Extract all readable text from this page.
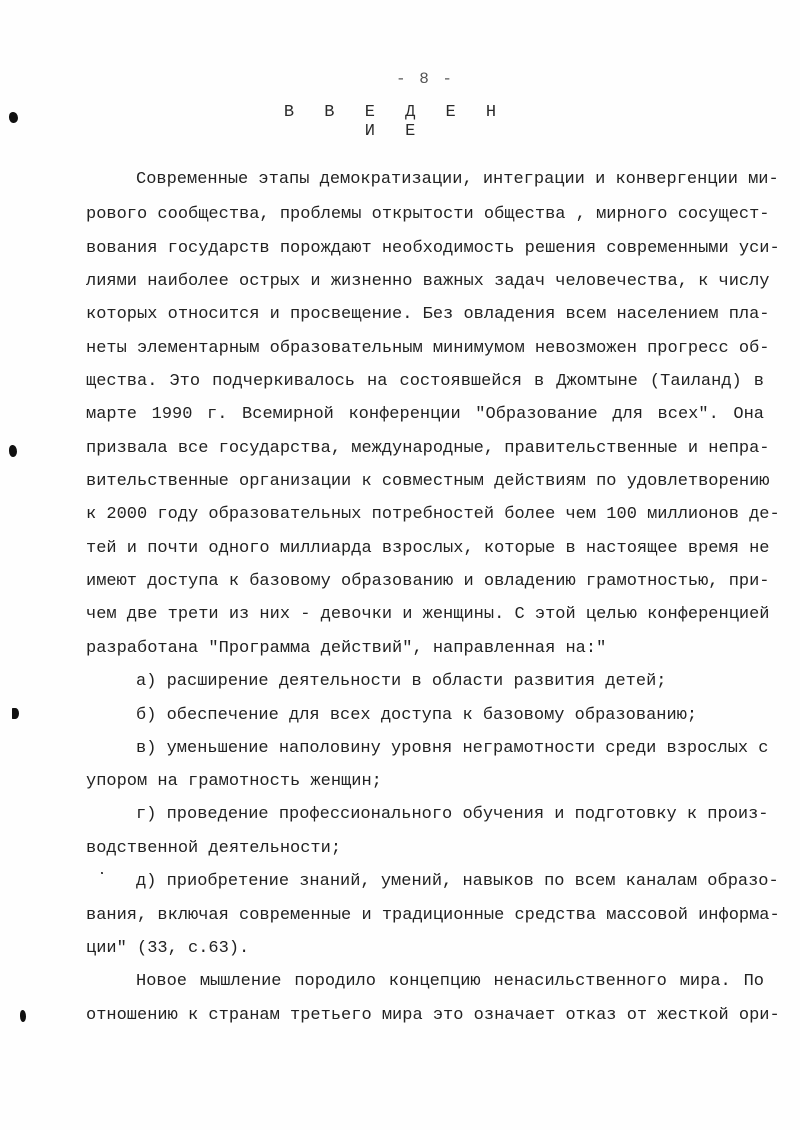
- 8 -
В В Е Д Е Н И Е
Современные этапы демократизации, интеграции и конвергенции ми-
рового сообщества, проблемы открытости общества , мирного сосущест-
вования государств порождают необходимость решения современными уси-
лиями наиболее острых и жизненно важных задач человечества, к числу
которых относится и просвещение. Без овладения всем населением пла-
неты элементарным образовательным минимумом невозможен прогресс об-
щества. Это подчеркивалось на состоявшейся в Джомтыне (Таиланд) в
марте 1990 г. Всемирной конференции "Образование для всех". Она
призвала все государства, международные, правительственные и непра-
вительственные организации к совместным действиям по удовлетворению
к 2000 году образовательных потребностей более чем 100 миллионов де-
тей и почти одного миллиарда взрослых, которые в настоящее время не
имеют доступа к базовому образованию и овладению грамотностью, при-
чем две трети из них - девочки и женщины. С этой целью конференцией
разработана "Программа действий", направленная на:"
а) расширение деятельности в области развития детей;
б) обеспечение для всех доступа к базовому образованию;
в) уменьшение наполовину уровня неграмотности среди взрослых с
упором на грамотность женщин;
г) проведение профессионального обучения и подготовку к произ-
водственной деятельности;
д) приобретение знаний, умений, навыков по всем каналам образо-
вания, включая современные и традиционные средства массовой информа-
ции" (33, с.63).
Новое мышление породило концепцию ненасильственного мира. По
отношению к странам третьего мира это означает отказ от жесткой ори-
